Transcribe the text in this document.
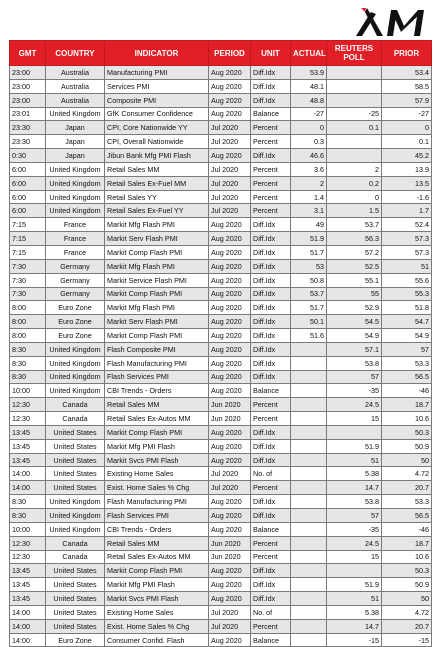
GMT	COUNTRY	INDICATOR	PERIOD	UNIT	ACTUAL	REUTERS POLL	PRIOR
23:00	Australia	Manufacturing PMI	Aug 2020	Diff.Idx	53.9		53.4
23:00	Australia	Services PMI	Aug 2020	Diff.Idx	48.1		58.5
23:00	Australia	Composite PMI	Aug 2020	Diff.Idx	48.8		57.9
23:01	United Kingdom	GfK Consumer Confidence	Aug 2020	Balance	-27	-25	-27
23:30	Japan	CPI, Core Nationwide YY	Jul 2020	Percent	0	0.1	0
23:30	Japan	CPI, Overall Nationwide	Jul 2020	Percent	0.3		0.1
0:30	Japan	Jibun Bank Mfg PMI Flash	Aug 2020	Diff.Idx	46.6		45.2
6:00	United Kingdom	Retail Sales MM	Jul 2020	Percent	3.6	2	13.9
6:00	United Kingdom	Retail Sales Ex-Fuel MM	Jul 2020	Percent	2	0.2	13.5
6:00	United Kingdom	Retail Sales YY	Jul 2020	Percent	1.4	0	-1.6
6:00	United Kingdom	Retail Sales Ex-Fuel YY	Jul 2020	Percent	3.1	1.5	1.7
7:15	France	Markit Mfg Flash PMI	Aug 2020	Diff.Idx	49	53.7	52.4
7:15	France	Markit Serv Flash PMI	Aug 2020	Diff.Idx	51.9	56.3	57.3
7:15	France	Markit Comp Flash PMI	Aug 2020	Diff.Idx	51.7	57.2	57.3
7:30	Germany	Markit Mfg Flash PMI	Aug 2020	Diff.Idx	53	52.5	51
7:30	Germany	Markit Service Flash PMI	Aug 2020	Diff.Idx	50.8	55.1	55.6
7:30	Germany	Markit Comp Flash PMI	Aug 2020	Diff.Idx	53.7	55	55.3
8:00	Euro Zone	Markit Mfg Flash PMI	Aug 2020	Diff.Idx	51.7	52.9	51.8
8:00	Euro Zone	Markit Serv Flash PMI	Aug 2020	Diff.Idx	50.1	54.5	54.7
8:00	Euro Zone	Markit Comp Flash PMI	Aug 2020	Diff.Idx	51.6	54.9	54.9
8:30	United Kingdom	Flash Composite PMI	Aug 2020	Diff.Idx		57.1	57
8:30	United Kingdom	Flash Manufacturing PMI	Aug 2020	Diff.Idx		53.8	53.3
8:30	United Kingdom	Flash Services PMI	Aug 2020	Diff.Idx		57	56.5
10:00	United Kingdom	CBI Trends - Orders	Aug 2020	Balance		-35	-46
12:30	Canada	Retail Sales MM	Jun 2020	Percent		24.5	18.7
12:30	Canada	Retail Sales Ex-Autos MM	Jun 2020	Percent		15	10.6
13:45	United States	Markit Comp Flash PMI	Aug 2020	Diff.Idx			50.3
13:45	United States	Markit Mfg PMI Flash	Aug 2020	Diff.Idx		51.9	50.9
13:45	United States	Markit Svcs PMI Flash	Aug 2020	Diff.Idx		51	50
14:00	United States	Existing Home Sales	Jul 2020	No. of		5.38	4.72
14:00	United States	Exist. Home Sales % Chg	Jul 2020	Percent		14.7	20.7
8:30	United Kingdom	Flash Manufacturing PMI	Aug 2020	Diff.Idx		53.8	53.3
8:30	United Kingdom	Flash Services PMI	Aug 2020	Diff.Idx		57	56.5
10:00	United Kingdom	CBI Trends - Orders	Aug 2020	Balance		-35	-46
12:30	Canada	Retail Sales MM	Jun 2020	Percent		24.5	18.7
12:30	Canada	Retail Sales Ex-Autos MM	Jun 2020	Percent		15	10.6
13:45	United States	Markit Comp Flash PMI	Aug 2020	Diff.Idx			50.3
13:45	United States	Markit Mfg PMI Flash	Aug 2020	Diff.Idx		51.9	50.9
13:45	United States	Markit Svcs PMI Flash	Aug 2020	Diff.Idx		51	50
14:00	United States	Existing Home Sales	Jul 2020	No. of		5.38	4.72
14:00	United States	Exist. Home Sales % Chg	Jul 2020	Percent		14.7	20.7
14:00	Euro Zone	Consumer Confid. Flash	Aug 2020	Balance		-15	-15
